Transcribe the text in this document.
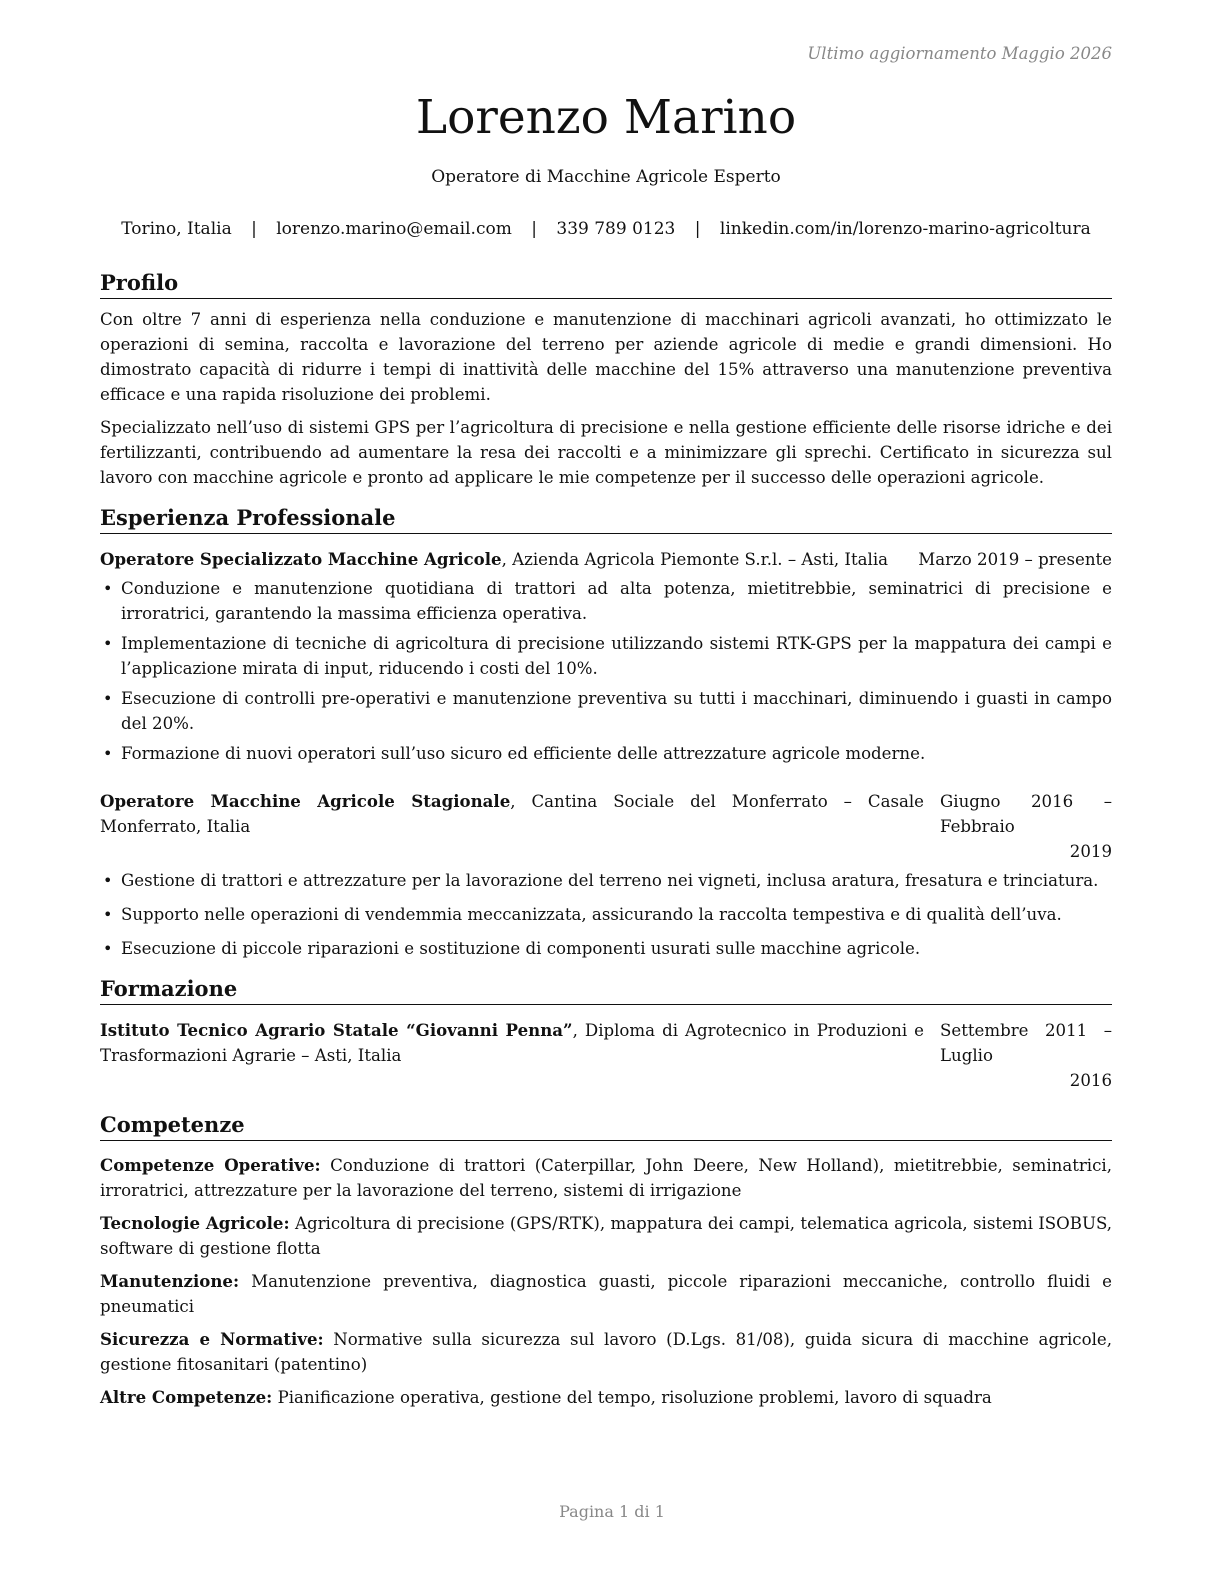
Ultimo aggiornamento Maggio 2026
Lorenzo Marino
Operatore di Macchine Agricole Esperto
Torino, Italia | lorenzo.marino@email.com | 339 789 0123 | linkedin.com/in/lorenzo-marino-agricoltura
Profilo

Con oltre 7 anni di esperienza nella conduzione e manutenzione di macchinari agricoli avanzati, ho ottimizzato le operazioni di semina, raccolta e lavorazione del terreno per aziende agricole di medie e grandi dimensioni. Ho dimostrato capacità di ridurre i tempi di inattività delle macchine del 15% attraverso una manutenzione preventiva efficace e una rapida risoluzione dei problemi.

Specializzato nell’uso di sistemi GPS per l’agricoltura di precisione e nella gestione efficiente delle risorse idriche e dei fertilizzanti, contribuendo ad aumentare la resa dei raccolti e a minimizzare gli sprechi. Certificato in sicurezza sul lavoro con macchine agricole e pronto ad applicare le mie competenze per il successo delle operazioni agricole.

Esperienza Professionale
Operatore Specializzato Macchine Agricole, Azienda Agricola Piemonte S.r.l. – Asti, Italia	Marzo 2019 – presente
• Conduzione e manutenzione quotidiana di trattori ad alta potenza, mietitrebbie, seminatrici di precisione e irroratrici, garantendo la massima efficienza operativa.
• Implementazione di tecniche di agricoltura di precisione utilizzando sistemi RTK-GPS per la mappatura dei campi e l’applicazione mirata di input, riducendo i costi del 10%.
• Esecuzione di controlli pre-operativi e manutenzione preventiva su tutti i macchinari, diminuendo i guasti in campo del 20%.
• Formazione di nuovi operatori sull’uso sicuro ed efficiente delle attrezzature agricole moderne.
Operatore Macchine Agricole Stagionale, Cantina Sociale del Monferrato – Casale Monferrato, Italia
Giugno 2016 – Febbraio
2019
• Gestione di trattori e attrezzature per la lavorazione del terreno nei vigneti, inclusa aratura, fresatura e trinciatura.
• Supporto nelle operazioni di vendemmia meccanizzata, assicurando la raccolta tempestiva e di qualità dell’uva.
• Esecuzione di piccole riparazioni e sostituzione di componenti usurati sulle macchine agricole.
Formazione
Istituto Tecnico Agrario Statale “Giovanni Penna”, Diploma di Agrotecnico in Produzioni e Trasformazioni Agrarie – Asti, Italia
Settembre 2011 – Luglio
2016
Competenze
Competenze Operative: Conduzione di trattori (Caterpillar, John Deere, New Holland), mietitrebbie, seminatrici, irroratrici, attrezzature per la lavorazione del terreno, sistemi di irrigazione
Tecnologie Agricole: Agricoltura di precisione (GPS/RTK), mappatura dei campi, telematica agricola, sistemi ISOBUS, software di gestione flotta
Manutenzione: Manutenzione preventiva, diagnostica guasti, piccole riparazioni meccaniche, controllo fluidi e pneumatici
Sicurezza e Normative: Normative sulla sicurezza sul lavoro (D.Lgs. 81/08), guida sicura di macchine agricole, gestione fitosanitari (patentino)
Altre Competenze: Pianificazione operativa, gestione del tempo, risoluzione problemi, lavoro di squadra
Pagina 1 di 1
